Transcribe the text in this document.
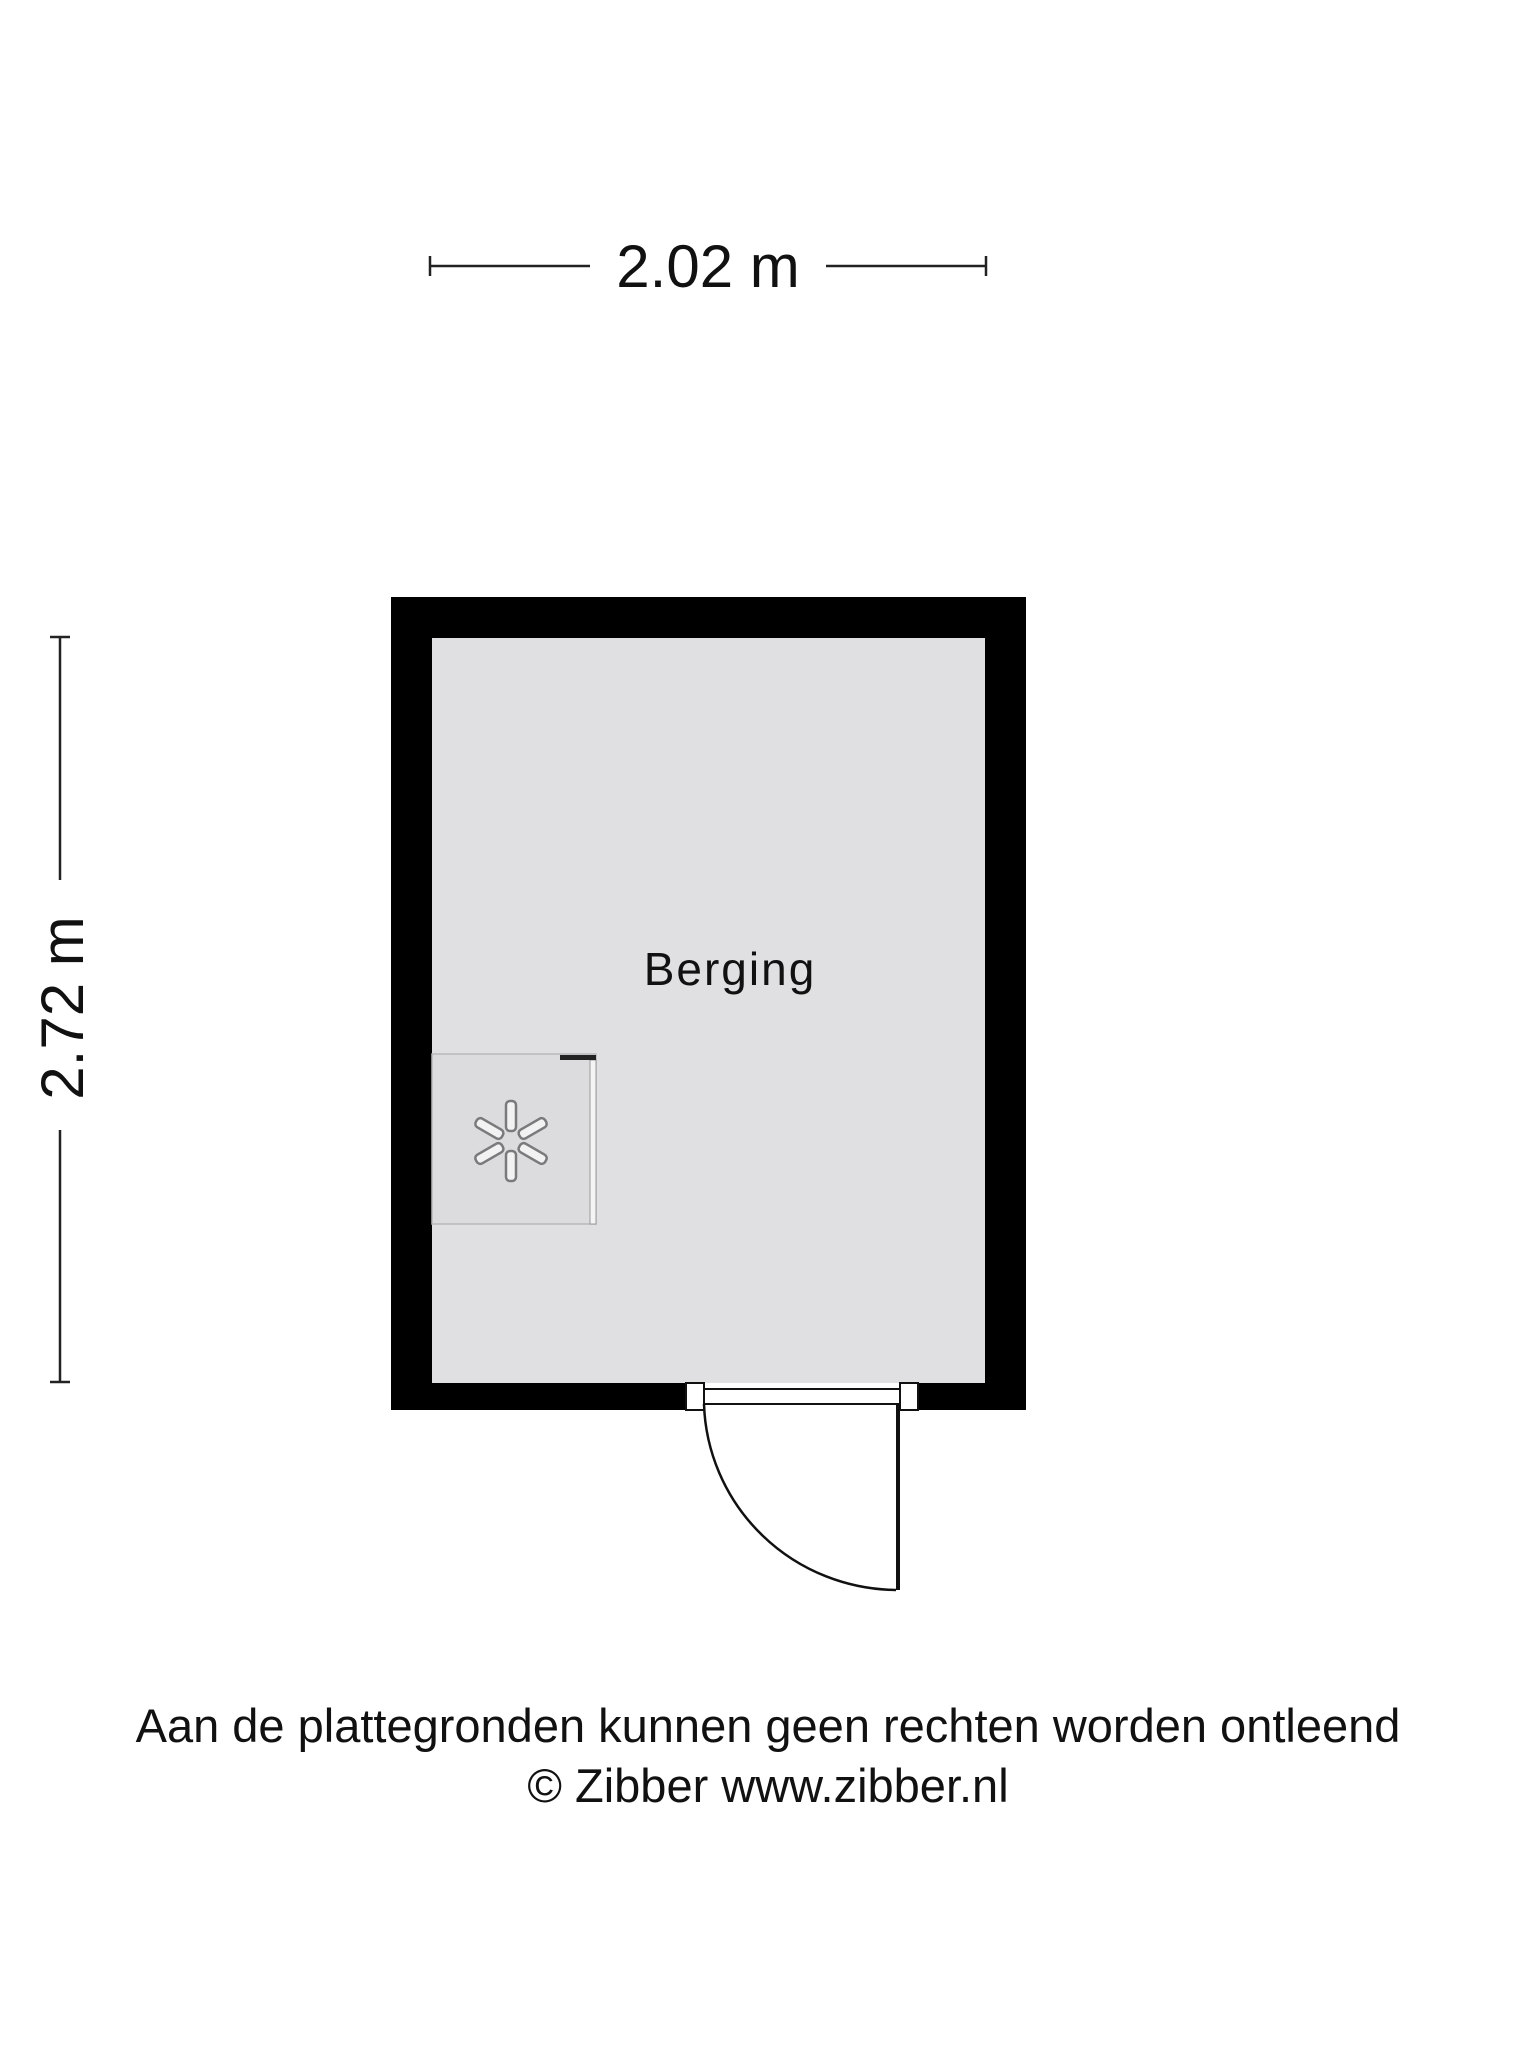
2.02 m
2.72 m	Berging
Aan de plattegronden kunnen geen rechten worden ontleend
© Zibber www.zibber.nl
